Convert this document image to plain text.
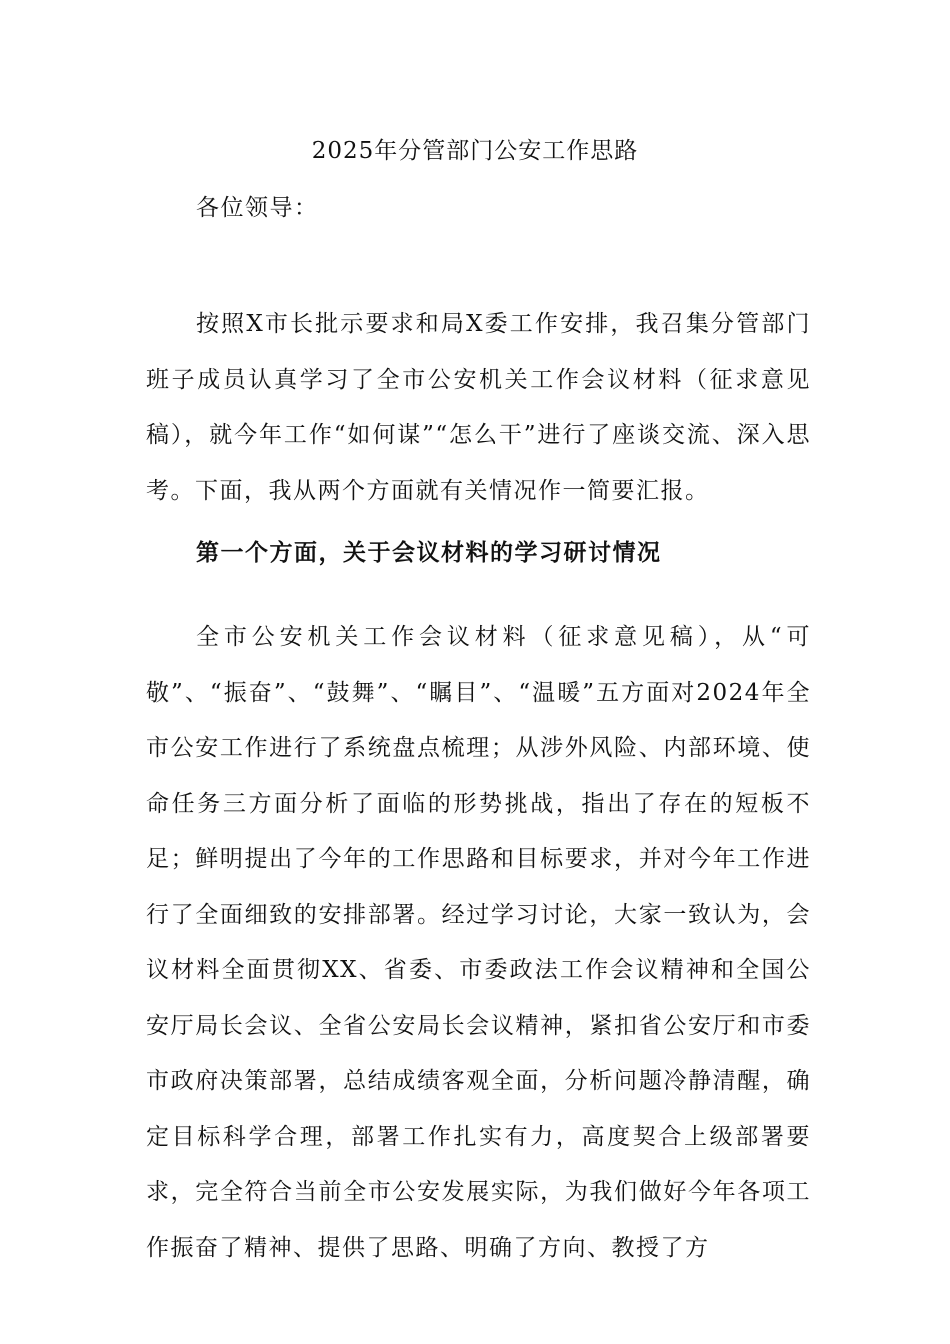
2025年分管部门公安工作思路
各位领导：
按照X市长批示要求和局X委工作安排，我召集分管部门班子成员认真学习了全市公安机关工作会议材料（征求意见稿），就今年工作“如何谋”“怎么干”进行了座谈交流、深入思考。下面，我从两个方面就有关情况作一简要汇报。
第一个方面，关于会议材料的学习研讨情况
全市公安机关工作会议材料（征求意见稿），从“可敬”、“振奋”、“鼓舞”、“瞩目”、“温暖”五方面对2024年全市公安工作进行了系统盘点梳理；从涉外风险、内部环境、使命任务三方面分析了面临的形势挑战，指出了存在的短板不足；鲜明提出了今年的工作思路和目标要求，并对今年工作进行了全面细致的安排部署。经过学习讨论，大家一致认为，会议材料全面贯彻XX、省委、市委政法工作会议精神和全国公安厅局长会议、全省公安局长会议精神，紧扣省公安厅和市委市政府决策部署，总结成绩客观全面，分析问题冷静清醒，确定目标科学合理，部署工作扎实有力，高度契合上级部署要求，完全符合当前全市公安发展实际，为我们做好今年各项工作振奋了精神、提供了思路、明确了方向、教授了方
